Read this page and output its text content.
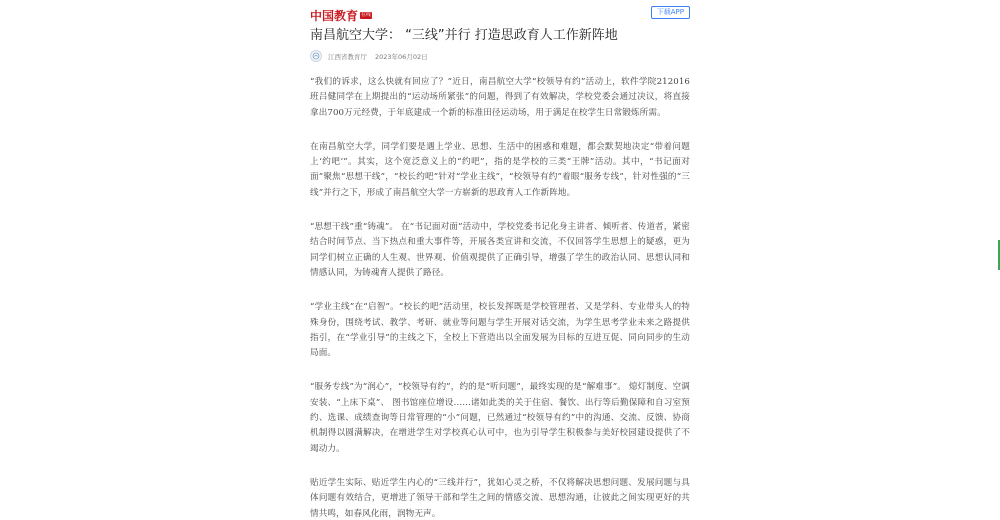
中国教育 在线	下载APP
南昌航空大学： “三线”并行 打造思政育人工作新阵地
江西省教育厅 2023年06月02日

“我们的诉求，这么快就有回应了？”近日，南昌航空大学“校领导有约”活动上，软件学院212016班吕健同学在上期提出的“运动场所紧张”的问题，得到了有效解决，学校党委会通过决议，将直接拿出700万元经费，于年底建成一个新的标准田径运动场，用于满足在校学生日常锻炼所需。

在南昌航空大学，同学们要是遇上学业、思想、生活中的困惑和难题，都会默契地决定“带着问题上‘约吧’”。其实，这个宽泛意义上的“约吧”，指的是学校的三类“王牌”活动。其中，“书记面对面”聚焦“思想干线”，“校长约吧”针对“学业主线”，“校领导有约”着眼“服务专线”，针对性强的“三线”并行之下，形成了南昌航空大学一方崭新的思政育人工作新阵地。

“思想干线”重“铸魂”。 在“书记面对面”活动中，学校党委书记化身主讲者、倾听者、传道者，紧密结合时间节点、当下热点和重大事件等，开展各类宣讲和交流，不仅回答学生思想上的疑惑，更为同学们树立正确的人生观、世界观、价值观提供了正确引导，增强了学生的政治认同、思想认同和情感认同，为铸魂育人提供了路径。

“学业主线”在“启智”。“校长约吧”活动里，校长发挥既是学校管理者、又是学科、专业带头人的特殊身份，围绕考试、教学、考研、就业等问题与学生开展对话交流，为学生思考学业未来之路提供指引，在“学业引导”的主线之下，全校上下营造出以全面发展为目标的互进互促、同向同步的生动局面。

“服务专线”为“润心”，“校领导有约”，约的是“听问题”，最终实现的是“解难事”。 熄灯制度、空调安装、“上床下桌”、 图书馆座位增设……诸如此类的关于住宿、餐饮、出行等后勤保障和自习室预约、选课、成绩查询等日常管理的“小”问题，已然通过“校领导有约”中的沟通、交流、反馈、协商机制得以圆满解决，在增进学生对学校真心认可中，也为引导学生积极参与美好校园建设提供了不竭动力。

贴近学生实际、贴近学生内心的“三线并行”，犹如心灵之桥，不仅将解决思想问题、发展问题与具体问题有效结合，更增进了领导干部和学生之间的情感交流、思想沟通，让彼此之间实现更好的共情共鸣，如春风化雨，润物无声。
